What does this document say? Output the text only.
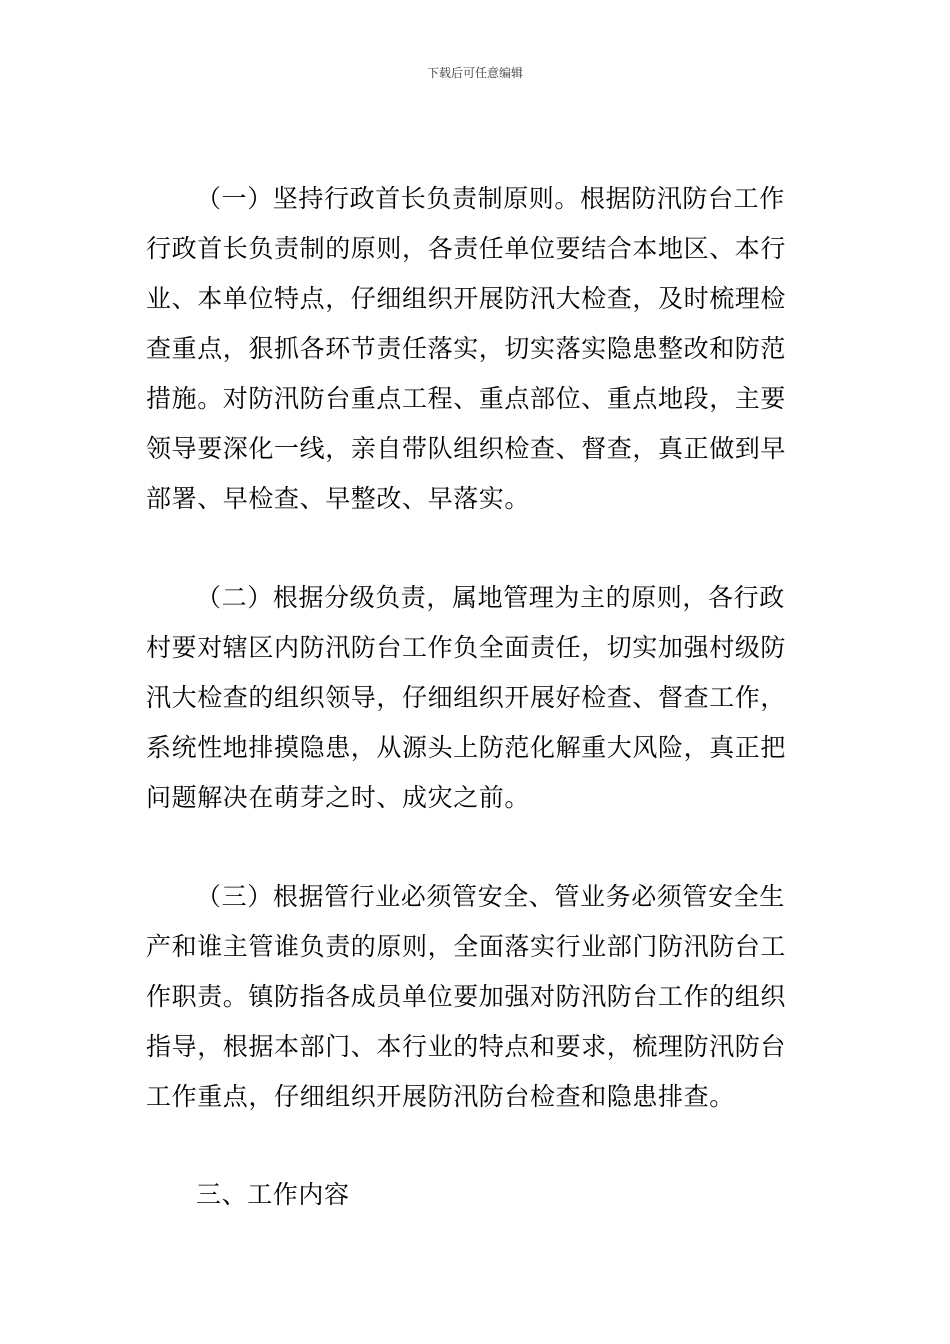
下载后可任意编辑
（一）坚持行政首长负责制原则。根据防汛防台工作
行政首长负责制的原则，各责任单位要结合本地区、本行
业、本单位特点，仔细组织开展防汛大检查，及时梳理检
查重点，狠抓各环节责任落实，切实落实隐患整改和防范
措施。对防汛防台重点工程、重点部位、重点地段，主要
领导要深化一线，亲自带队组织检查、督查，真正做到早
部署、早检查、早整改、早落实。
（二）根据分级负责，属地管理为主的原则，各行政
村要对辖区内防汛防台工作负全面责任，切实加强村级防
汛大检查的组织领导，仔细组织开展好检查、督查工作，
系统性地排摸隐患，从源头上防范化解重大风险，真正把
问题解决在萌芽之时、成灾之前。
（三）根据管行业必须管安全、管业务必须管安全生
产和谁主管谁负责的原则，全面落实行业部门防汛防台工
作职责。镇防指各成员单位要加强对防汛防台工作的组织
指导，根据本部门、本行业的特点和要求，梳理防汛防台
工作重点，仔细组织开展防汛防台检查和隐患排查。
三、工作内容
